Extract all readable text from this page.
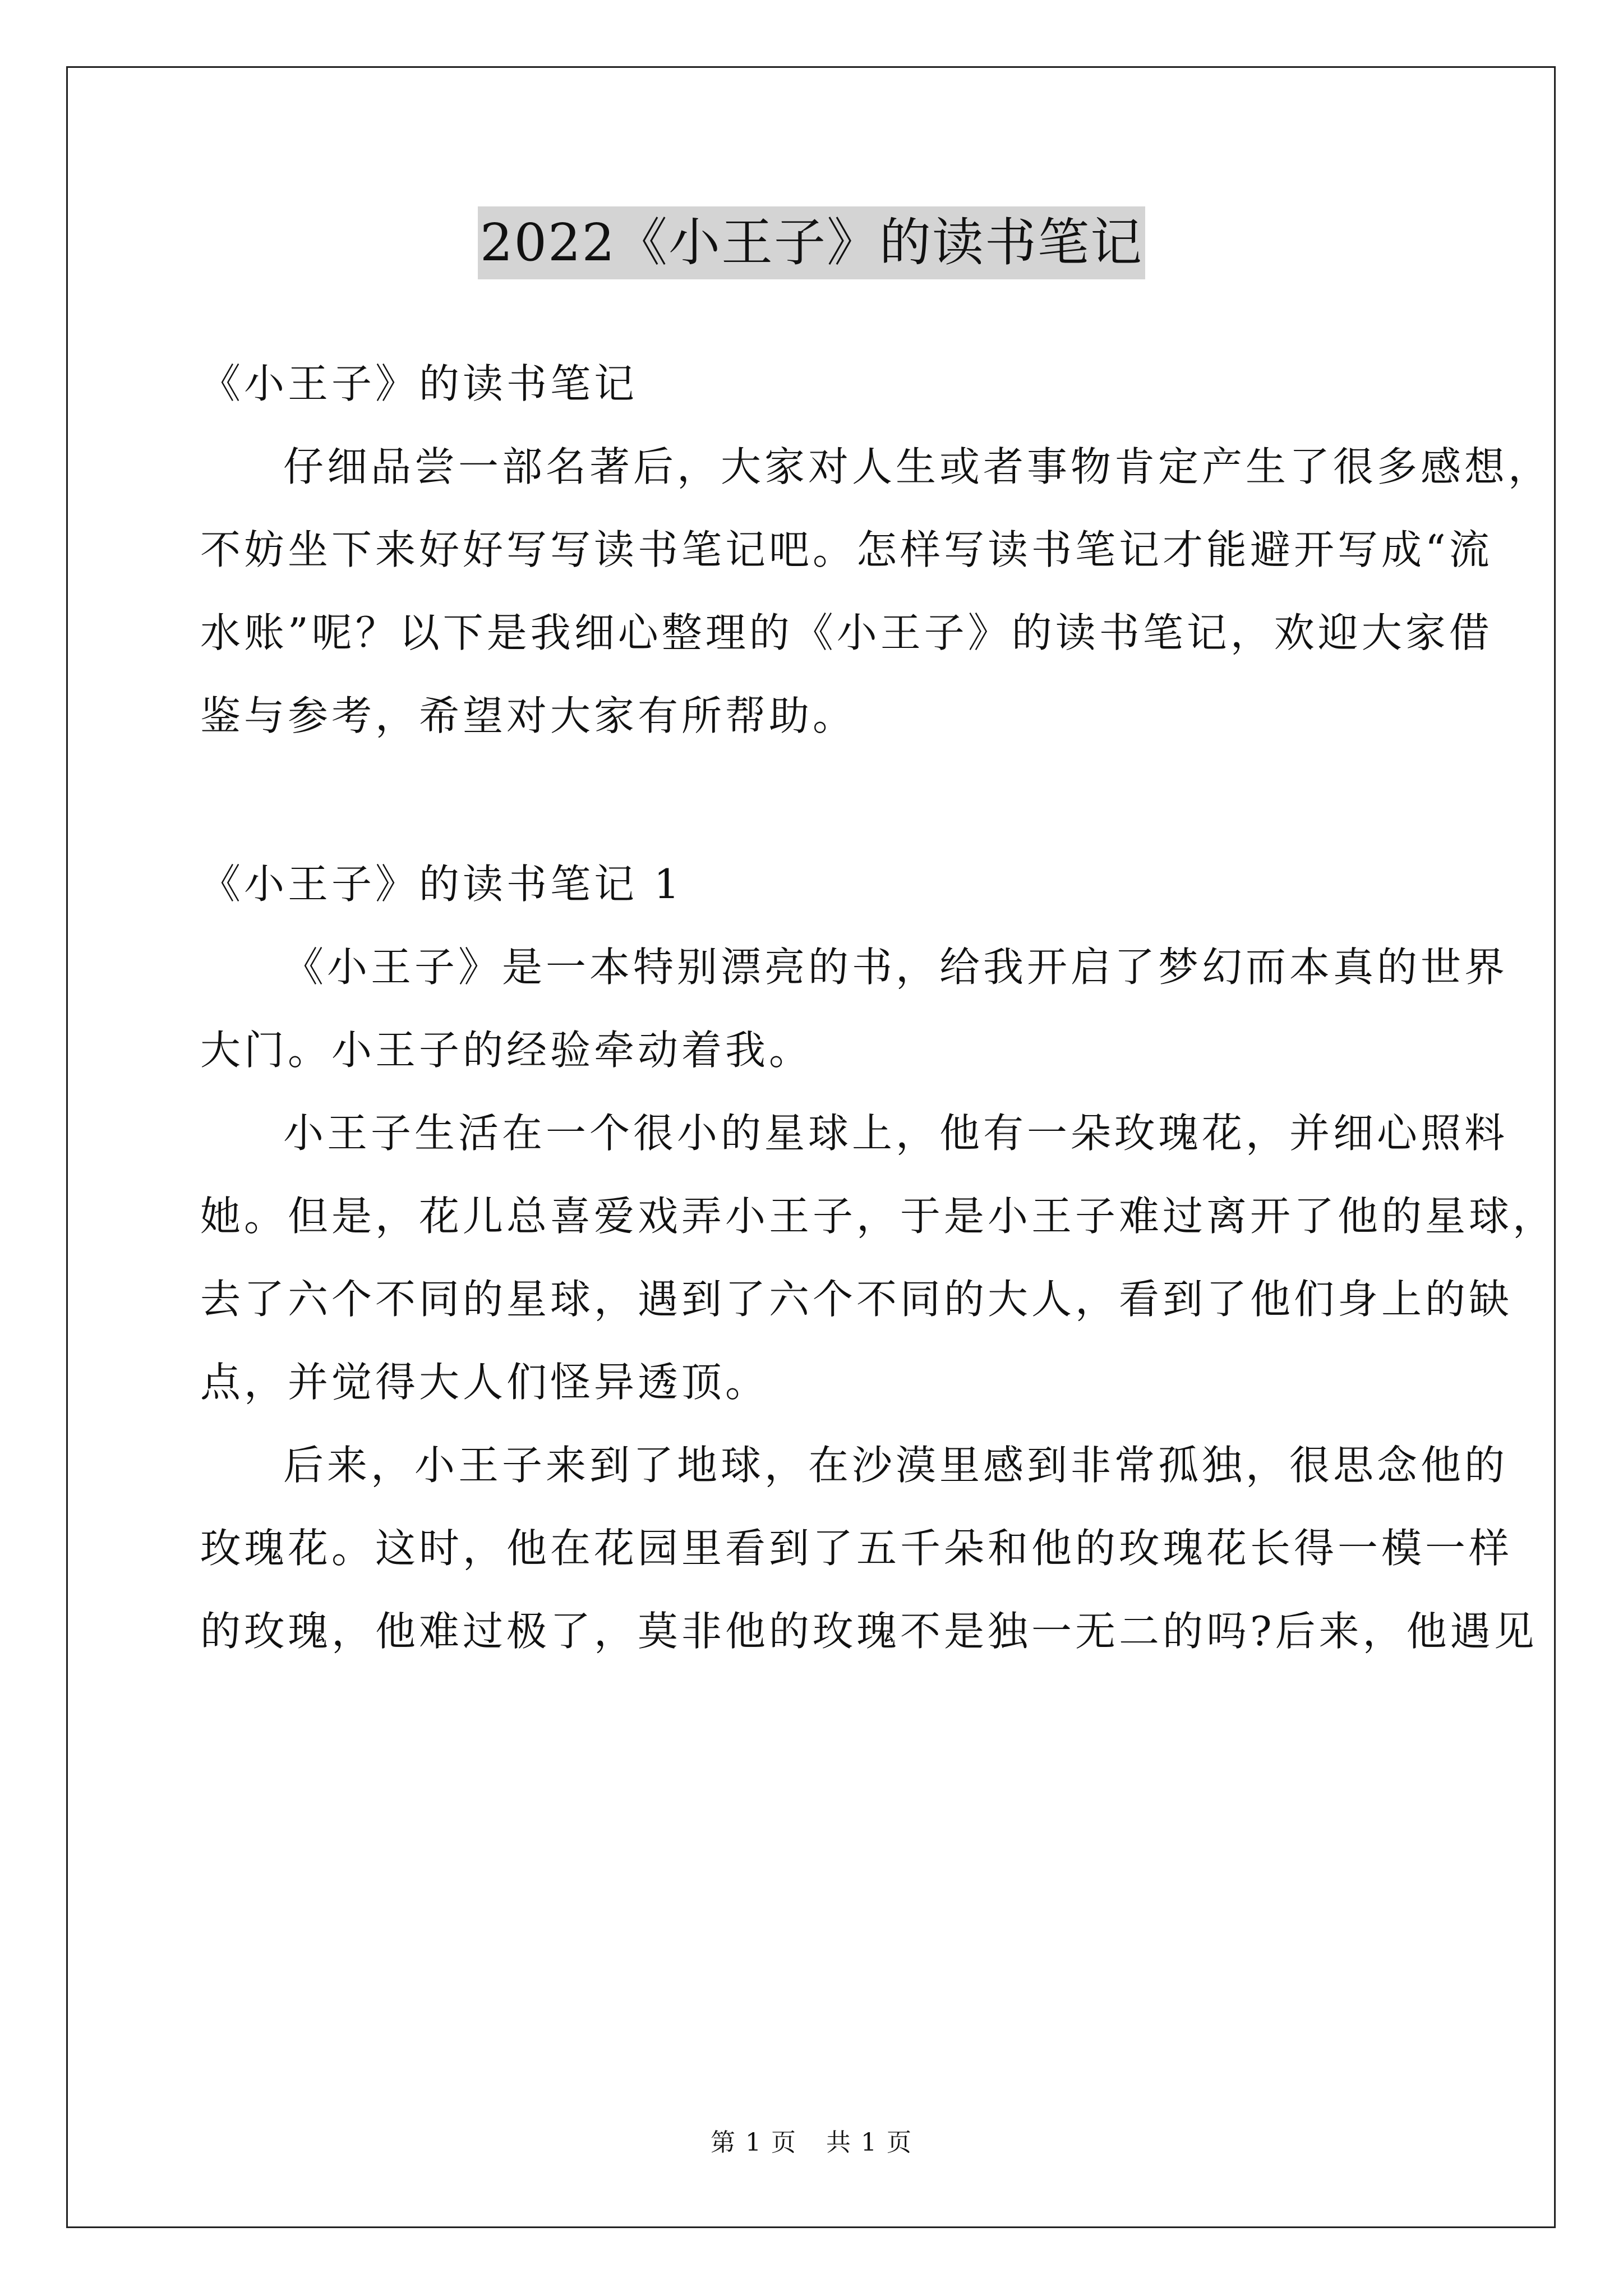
2022《小王子》的读书笔记
《小王子》的读书笔记
仔细品尝一部名著后，大家对人生或者事物肯定产生了很多感想，
不妨坐下来好好写写读书笔记吧。怎样写读书笔记才能避开写成“流
水账”呢？以下是我细心整理的《小王子》的读书笔记，欢迎大家借
鉴与参考，希望对大家有所帮助。
《小王子》的读书笔记 1
《小王子》是一本特别漂亮的书，给我开启了梦幻而本真的世界
大门。小王子的经验牵动着我。
小王子生活在一个很小的星球上，他有一朵玫瑰花，并细心照料
她。但是，花儿总喜爱戏弄小王子，于是小王子难过离开了他的星球，
去了六个不同的星球，遇到了六个不同的大人，看到了他们身上的缺
点，并觉得大人们怪异透顶。
后来，小王子来到了地球，在沙漠里感到非常孤独，很思念他的
玫瑰花。这时，他在花园里看到了五千朵和他的玫瑰花长得一模一样
的玫瑰，他难过极了，莫非他的玫瑰不是独一无二的吗?后来，他遇见
第 1 页 共 1 页
